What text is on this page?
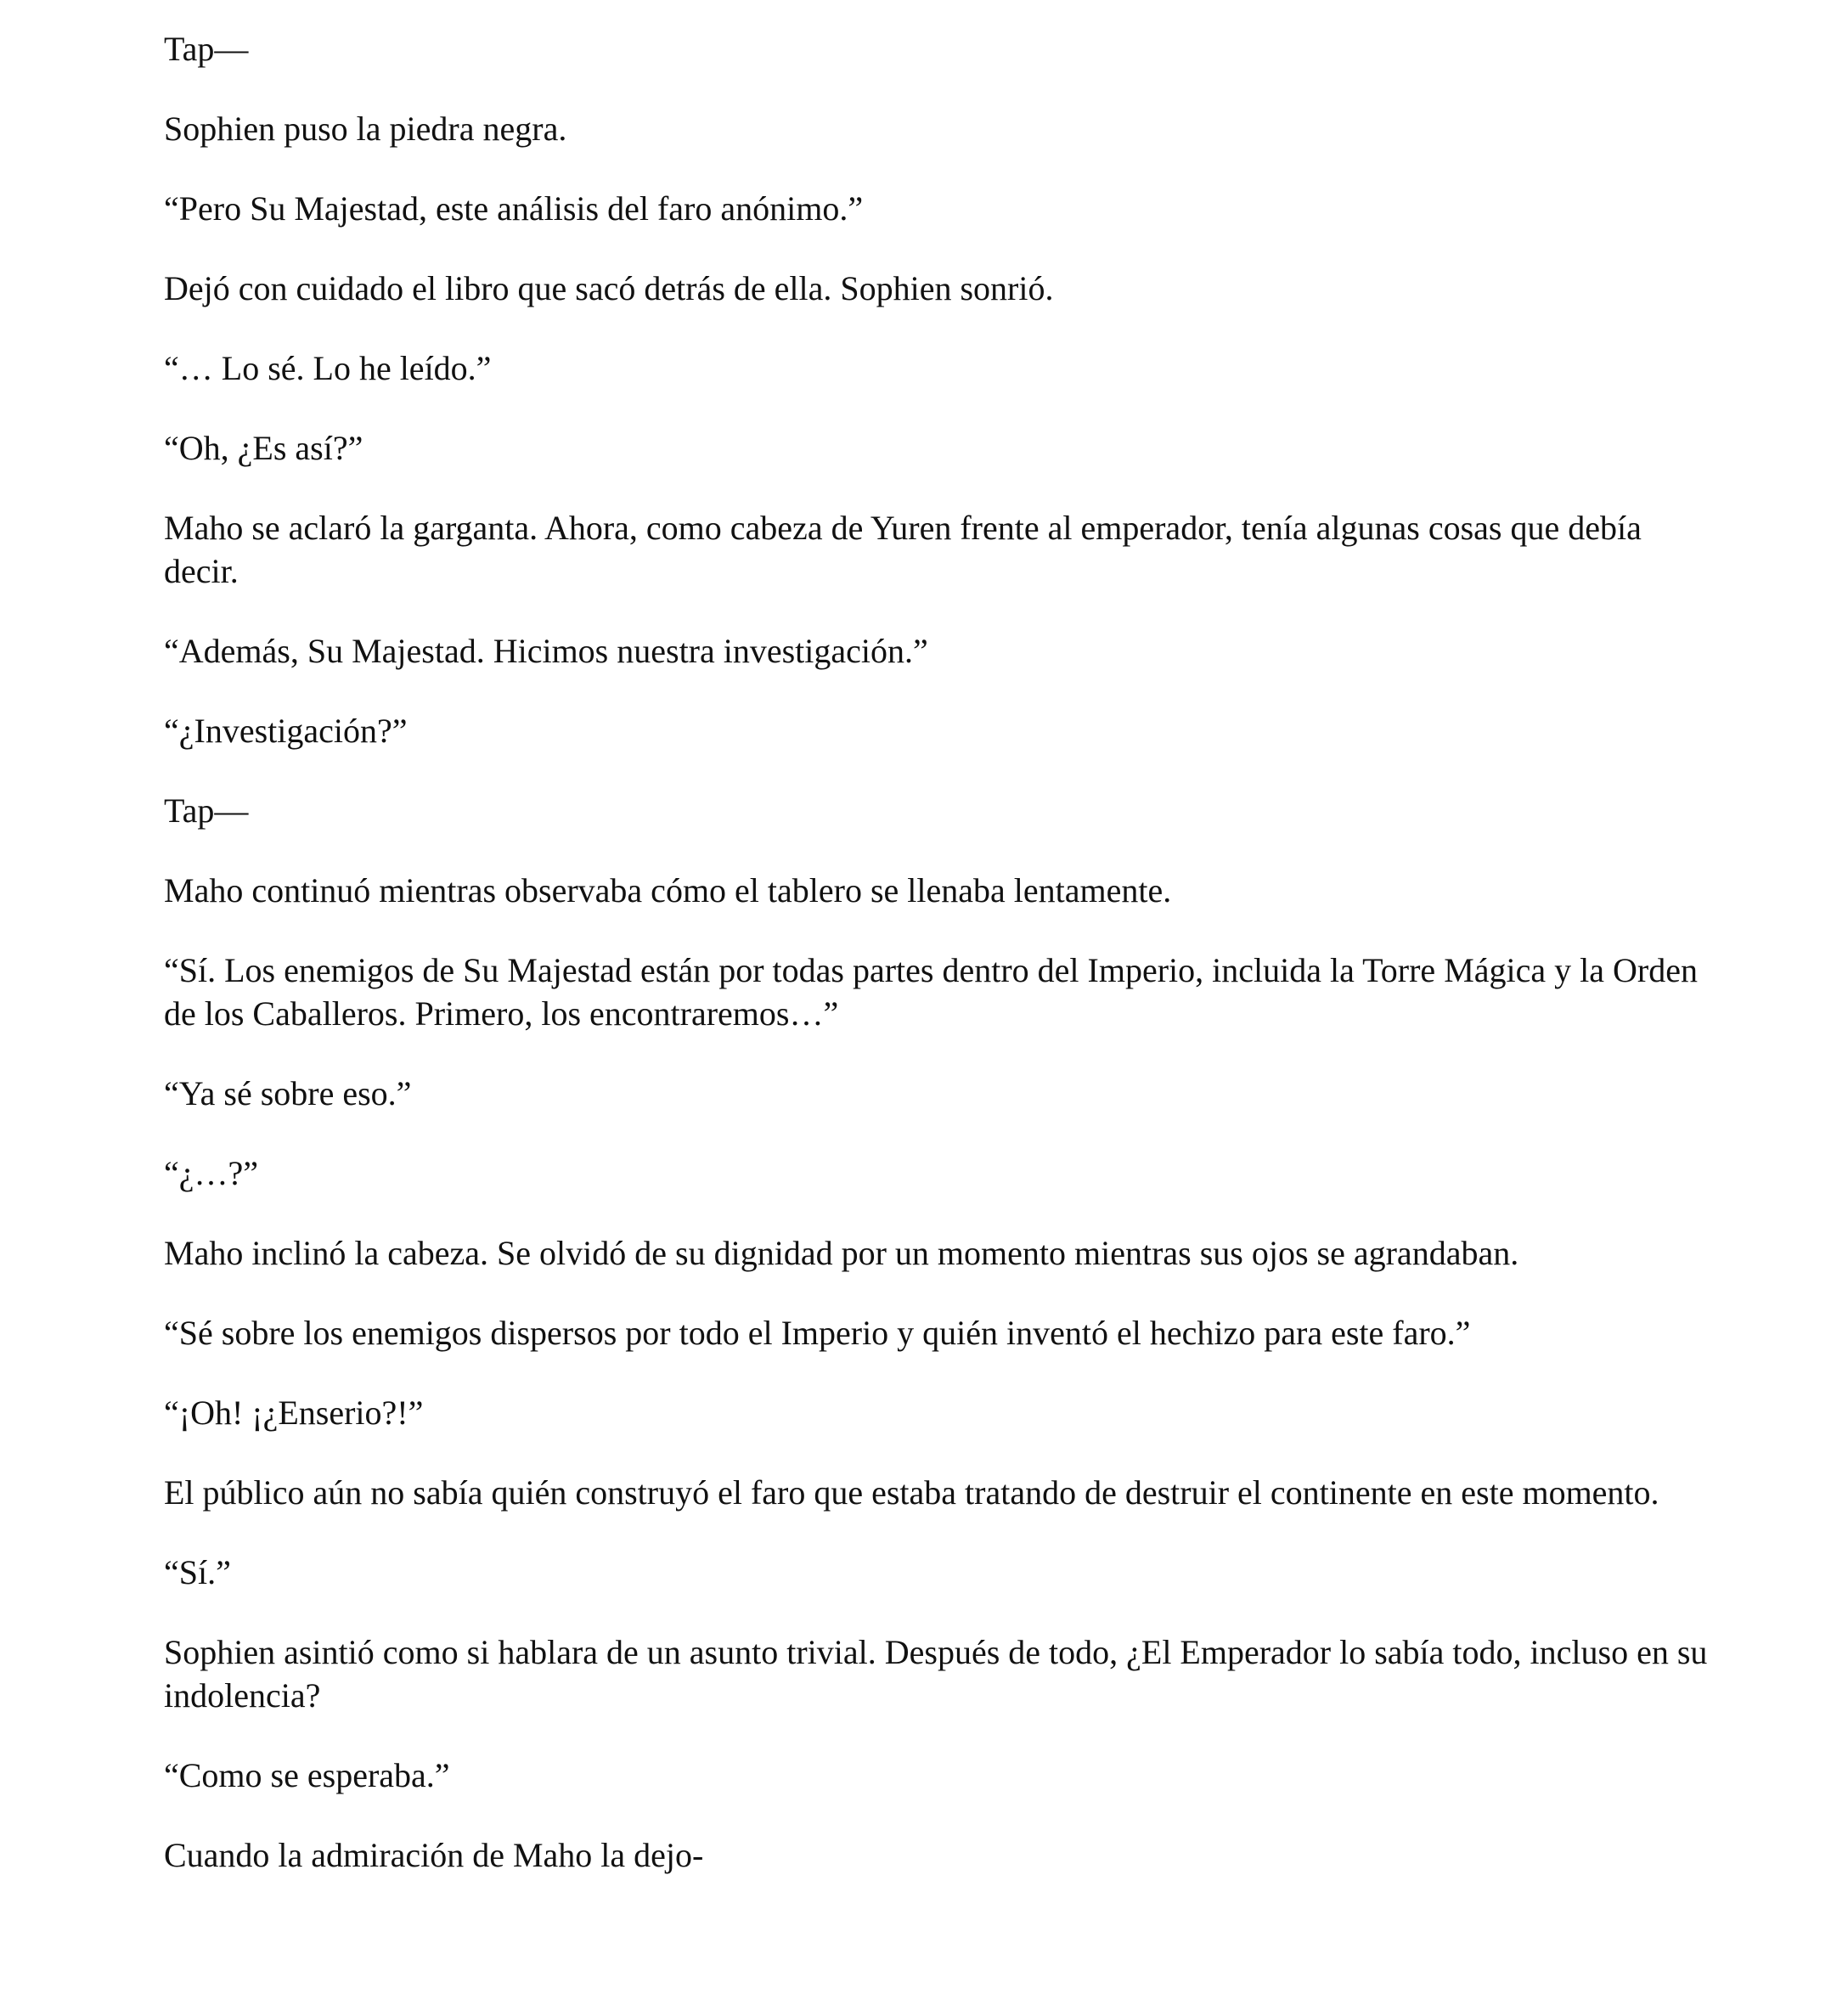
Tap—

Sophien puso la piedra negra.

“Pero Su Majestad, este análisis del faro anónimo.”

Dejó con cuidado el libro que sacó detrás de ella. Sophien sonrió.

“… Lo sé. Lo he leído.”

“Oh, ¿Es así?”

Maho se aclaró la garganta. Ahora, como cabeza de Yuren frente al emperador, tenía algunas cosas que debía decir.

“Además, Su Majestad. Hicimos nuestra investigación.”

“¿Investigación?”

Tap—

Maho continuó mientras observaba cómo el tablero se llenaba lentamente.

“Sí. Los enemigos de Su Majestad están por todas partes dentro del Imperio, incluida la Torre Mágica y la Orden de los Caballeros. Primero, los encontraremos…”

“Ya sé sobre eso.”

“¿…?”

Maho inclinó la cabeza. Se olvidó de su dignidad por un momento mientras sus ojos se agrandaban.

“Sé sobre los enemigos dispersos por todo el Imperio y quién inventó el hechizo para este faro.”

“¡Oh! ¡¿Enserio?!”

El público aún no sabía quién construyó el faro que estaba tratando de destruir el continente en este momento.

“Sí.”

Sophien asintió como si hablara de un asunto trivial. Después de todo, ¿El Emperador lo sabía todo, incluso en su indolencia?

“Como se esperaba.”

Cuando la admiración de Maho la dejo-
